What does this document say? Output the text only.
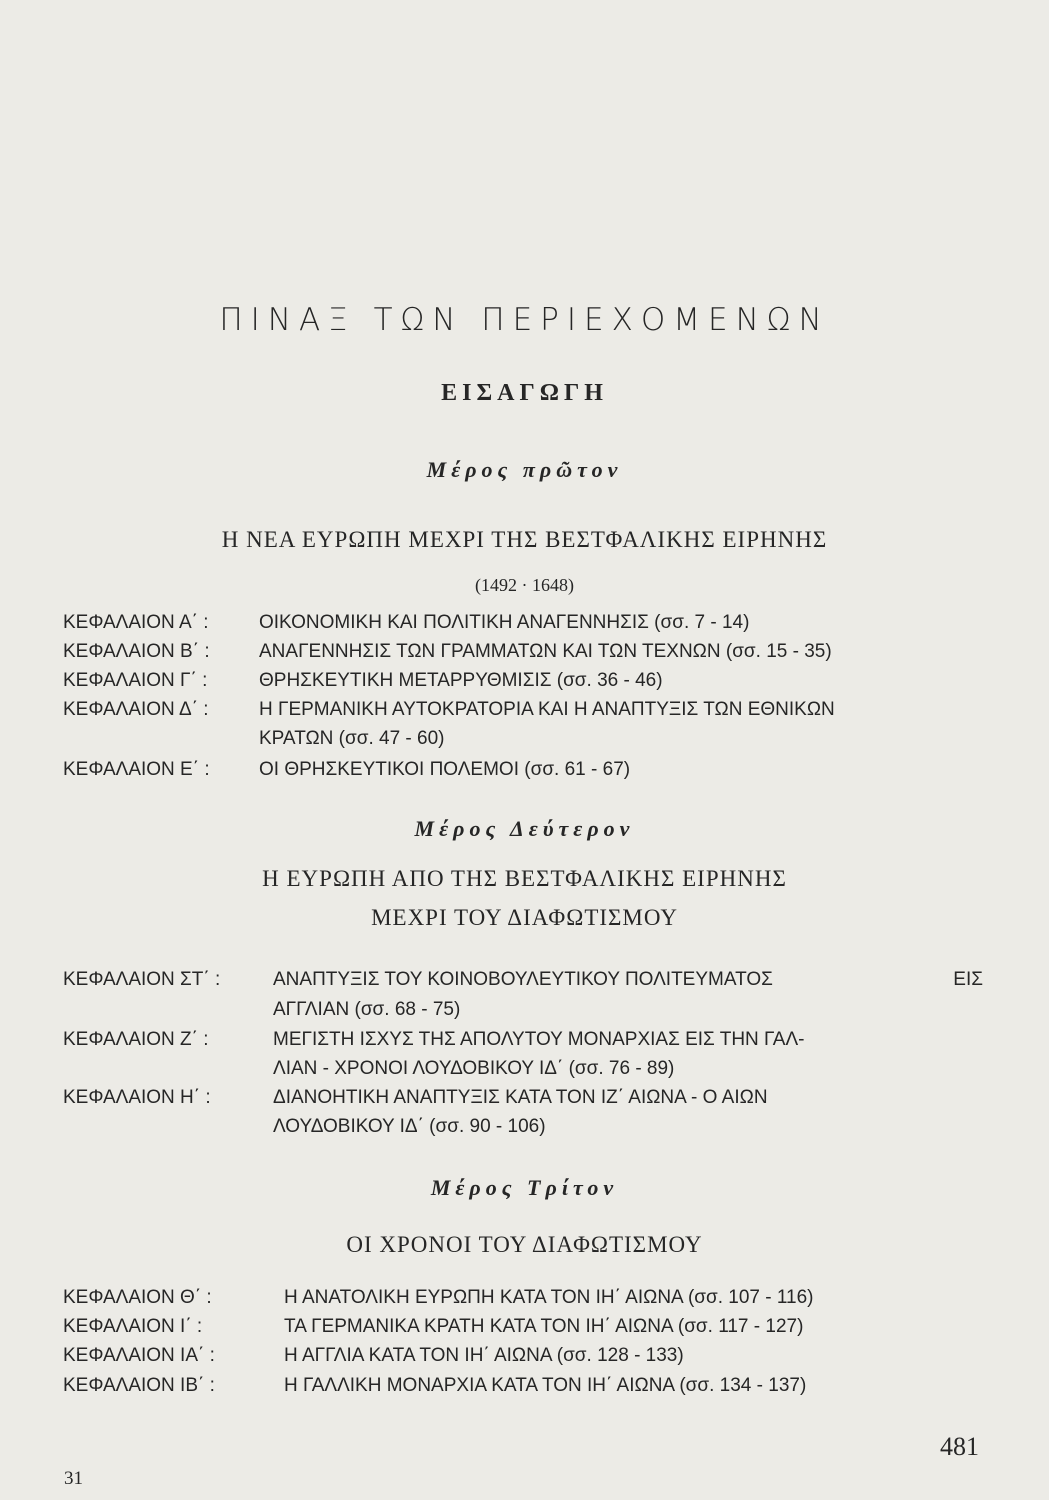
ΠΙΝΑΞ ΤΩΝ ΠΕΡΙΕΧΟΜΕΝΩΝ
ΕΙΣΑΓΩΓΗ
Μέρος πρῶτον
Η ΝΕΑ ΕΥΡΩΠΗ ΜΕΧΡΙ ΤΗΣ ΒΕΣΤΦΑΛΙΚΗΣ ΕΙΡΗΝΗΣ
(1492 · 1648)
ΚΕΦΑΛΑΙΟΝ Α΄ :	ΟΙΚΟΝΟΜΙΚΗ ΚΑΙ ΠΟΛΙΤΙΚΗ ΑΝΑΓΕΝΝΗΣΙΣ (σσ. 7 - 14)
ΚΕΦΑΛΑΙΟΝ Β΄ :	ΑΝΑΓΕΝΝΗΣΙΣ ΤΩΝ ΓΡΑΜΜΑΤΩΝ ΚΑΙ ΤΩΝ ΤΕΧΝΩΝ (σσ. 15 - 35)
ΚΕΦΑΛΑΙΟΝ Γ΄ :	ΘΡΗΣΚΕΥΤΙΚΗ ΜΕΤΑΡΡΥΘΜΙΣΙΣ (σσ. 36 - 46)
ΚΕΦΑΛΑΙΟΝ Δ΄ :	Η ΓΕΡΜΑΝΙΚΗ ΑΥΤΟΚΡΑΤΟΡΙΑ ΚΑΙ Η ΑΝΑΠΤΥΞΙΣ ΤΩΝ ΕΘΝΙΚΩΝ
ΚΡΑΤΩΝ (σσ. 47 - 60)
ΚΕΦΑΛΑΙΟΝ Ε΄ :	ΟΙ ΘΡΗΣΚΕΥΤΙΚΟΙ ΠΟΛΕΜΟΙ (σσ. 61 - 67)
Μέρος Δεύτερον
Η ΕΥΡΩΠΗ ΑΠΟ ΤΗΣ ΒΕΣΤΦΑΛΙΚΗΣ ΕΙΡΗΝΗΣ
ΜΕΧΡΙ ΤΟΥ ΔΙΑΦΩΤΙΣΜΟΥ
ΚΕΦΑΛΑΙΟΝ ΣΤ΄ :	ΑΝΑΠΤΥΞΙΣ ΤΟΥ ΚΟΙΝΟΒΟΥΛΕΥΤΙΚΟΥ ΠΟΛΙΤΕΥΜΑΤΟΣ	ΕΙΣ
ΑΓΓΛΙΑΝ (σσ. 68 - 75)
ΚΕΦΑΛΑΙΟΝ Ζ΄ :	ΜΕΓΙΣΤΗ ΙΣΧΥΣ ΤΗΣ ΑΠΟΛΥΤΟΥ ΜΟΝΑΡΧΙΑΣ ΕΙΣ ΤΗΝ ΓΑΛ-
ΛΙΑΝ - ΧΡΟΝΟΙ ΛΟΥΔΟΒΙΚΟΥ ΙΔ΄ (σσ. 76 - 89)
ΚΕΦΑΛΑΙΟΝ Η΄ :	ΔΙΑΝΟΗΤΙΚΗ ΑΝΑΠΤΥΞΙΣ ΚΑΤΑ ΤΟΝ ΙΖ΄ ΑΙΩΝΑ - Ο ΑΙΩΝ
ΛΟΥΔΟΒΙΚΟΥ ΙΔ΄ (σσ. 90 - 106)
Μέρος Τρίτον
ΟΙ ΧΡΟΝΟΙ ΤΟΥ ΔΙΑΦΩΤΙΣΜΟΥ
ΚΕΦΑΛΑΙΟΝ Θ΄ :	Η ΑΝΑΤΟΛΙΚΗ ΕΥΡΩΠΗ ΚΑΤΑ ΤΟΝ ΙΗ΄ ΑΙΩΝΑ (σσ. 107 - 116)
ΚΕΦΑΛΑΙΟΝ Ι΄ :	ΤΑ ΓΕΡΜΑΝΙΚΑ ΚΡΑΤΗ ΚΑΤΑ ΤΟΝ ΙΗ΄ ΑΙΩΝΑ (σσ. 117 - 127)
ΚΕΦΑΛΑΙΟΝ ΙΑ΄ :	Η ΑΓΓΛΙΑ ΚΑΤΑ ΤΟΝ ΙΗ΄ ΑΙΩΝΑ (σσ. 128 - 133)
ΚΕΦΑΛΑΙΟΝ ΙΒ΄ :	Η ΓΑΛΛΙΚΗ ΜΟΝΑΡΧΙΑ ΚΑΤΑ ΤΟΝ ΙΗ΄ ΑΙΩΝΑ (σσ. 134 - 137)
481
31
